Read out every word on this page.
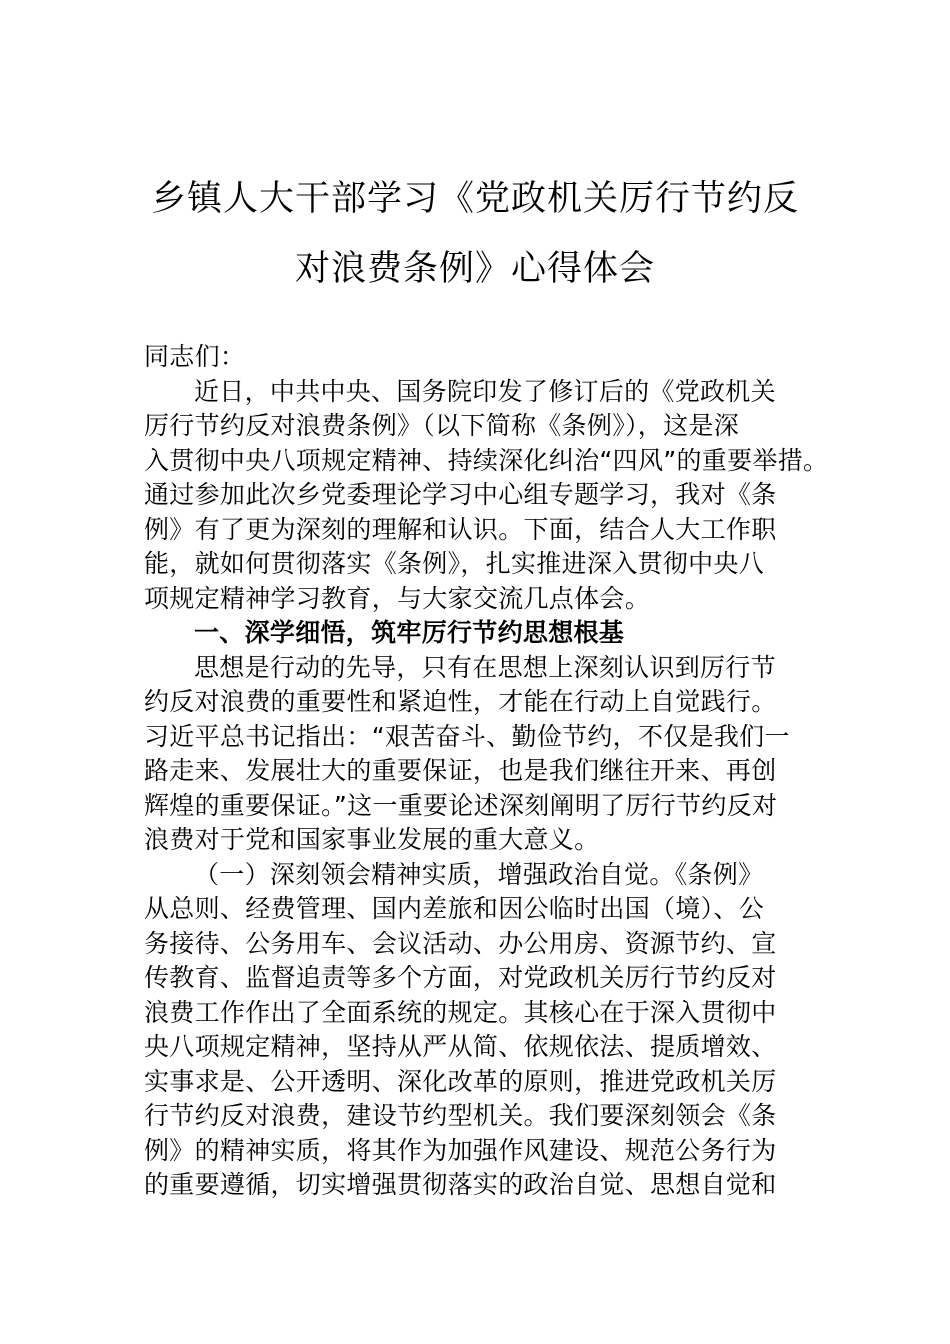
乡镇人大干部学习《党政机关厉行节约反
对浪费条例》心得体会
同志们：
近日，中共中央、国务院印发了修订后的《党政机关
厉行节约反对浪费条例》（以下简称《条例》），这是深
入贯彻中央八项规定精神、持续深化纠治“四风”的重要举措。
通过参加此次乡党委理论学习中心组专题学习，我对《条
例》有了更为深刻的理解和认识。下面，结合人大工作职
能，就如何贯彻落实《条例》，扎实推进深入贯彻中央八
项规定精神学习教育，与大家交流几点体会。
一、深学细悟，筑牢厉行节约思想根基
思想是行动的先导，只有在思想上深刻认识到厉行节
约反对浪费的重要性和紧迫性，才能在行动上自觉践行。
习近平总书记指出：“艰苦奋斗、勤俭节约，不仅是我们一
路走来、发展壮大的重要保证，也是我们继往开来、再创
辉煌的重要保证。”这一重要论述深刻阐明了厉行节约反对
浪费对于党和国家事业发展的重大意义。
（一）深刻领会精神实质，增强政治自觉。《条例》
从总则、经费管理、国内差旅和因公临时出国（境）、公
务接待、公务用车、会议活动、办公用房、资源节约、宣
传教育、监督追责等多个方面，对党政机关厉行节约反对
浪费工作作出了全面系统的规定。其核心在于深入贯彻中
央八项规定精神，坚持从严从简、依规依法、提质增效、
实事求是、公开透明、深化改革的原则，推进党政机关厉
行节约反对浪费，建设节约型机关。我们要深刻领会《条
例》的精神实质，将其作为加强作风建设、规范公务行为
的重要遵循，切实增强贯彻落实的政治自觉、思想自觉和
